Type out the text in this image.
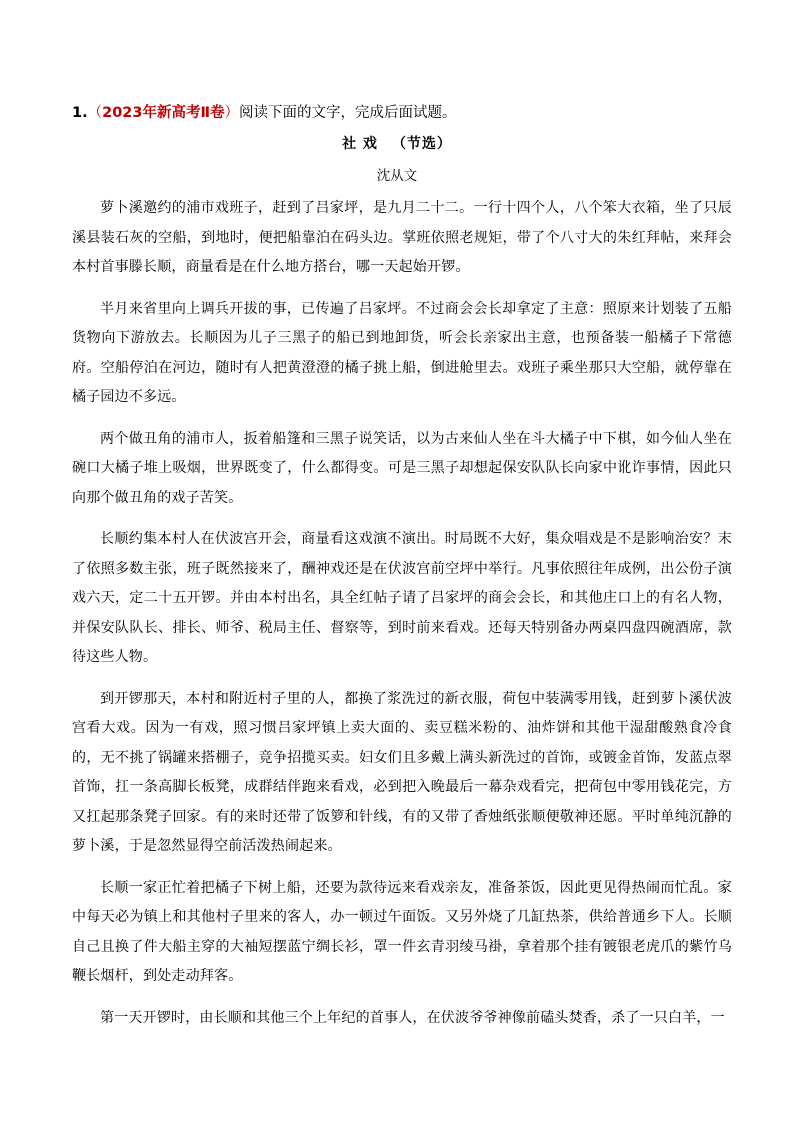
1.（2023年新高考Ⅱ卷）阅读下面的文字，完成后面试题。
社 戏 （节选）
沈从文

萝卜溪邀约的浦市戏班子，赶到了吕家坪，是九月二十二。一行十四个人，八个笨大衣箱，坐了只辰溪县装石灰的空船，到地时，便把船靠泊在码头边。掌班依照老规矩，带了个八寸大的朱红拜帖，来拜会本村首事滕长顺，商量看是在什么地方搭台，哪一天起始开锣。

半月来省里向上调兵开拔的事，已传遍了吕家坪。不过商会会长却拿定了主意：照原来计划装了五船货物向下游放去。长顺因为儿子三黑子的船已到地卸货，听会长亲家出主意，也预备装一船橘子下常德府。空船停泊在河边，随时有人把黄澄澄的橘子挑上船，倒进舱里去。戏班子乘坐那只大空船，就停靠在橘子园边不多远。

两个做丑角的浦市人，扳着船篷和三黑子说笑话，以为古来仙人坐在斗大橘子中下棋，如今仙人坐在碗口大橘子堆上吸烟，世界既变了，什么都得变。可是三黑子却想起保安队队长向家中讹诈事情，因此只向那个做丑角的戏子苦笑。

长顺约集本村人在伏波宫开会，商量看这戏演不演出。时局既不大好，集众唱戏是不是影响治安？末了依照多数主张，班子既然接来了，酬神戏还是在伏波宫前空坪中举行。凡事依照往年成例，出公份子演戏六天，定二十五开锣。并由本村出名，具全红帖子请了吕家坪的商会会长，和其他庄口上的有名人物，并保安队队长、排长、师爷、税局主任、督察等，到时前来看戏。还每天特别备办两桌四盘四碗酒席，款待这些人物。

到开锣那天，本村和附近村子里的人，都换了浆洗过的新衣服，荷包中装满零用钱，赶到萝卜溪伏波宫看大戏。因为一有戏，照习惯吕家坪镇上卖大面的、卖豆糕米粉的、油炸饼和其他干湿甜酸熟食冷食的，无不挑了锅罐来搭棚子，竞争招揽买卖。妇女们且多戴上满头新洗过的首饰，或镀金首饰，发蓝点翠首饰，扛一条高脚长板凳，成群结伴跑来看戏，必到把入晚最后一幕杂戏看完，把荷包中零用钱花完，方又扛起那条凳子回家。有的来时还带了饭箩和针线，有的又带了香烛纸张顺便敬神还愿。平时单纯沉静的萝卜溪，于是忽然显得空前活泼热闹起来。

长顺一家正忙着把橘子下树上船，还要为款待远来看戏亲友，准备茶饭，因此更见得热闹而忙乱。家中每天必为镇上和其他村子里来的客人，办一顿过午面饭。又另外烧了几缸热茶，供给普通乡下人。长顺自己且换了件大船主穿的大袖短摆蓝宁绸长衫，罩一件玄青羽绫马褂，拿着那个挂有镀银老虎爪的紫竹乌鞭长烟杆，到处走动拜客。

第一天开锣时，由长顺和其他三个上年纪的首事人，在伏波爷爷神像前磕头焚香，杀了一只白羊，一
